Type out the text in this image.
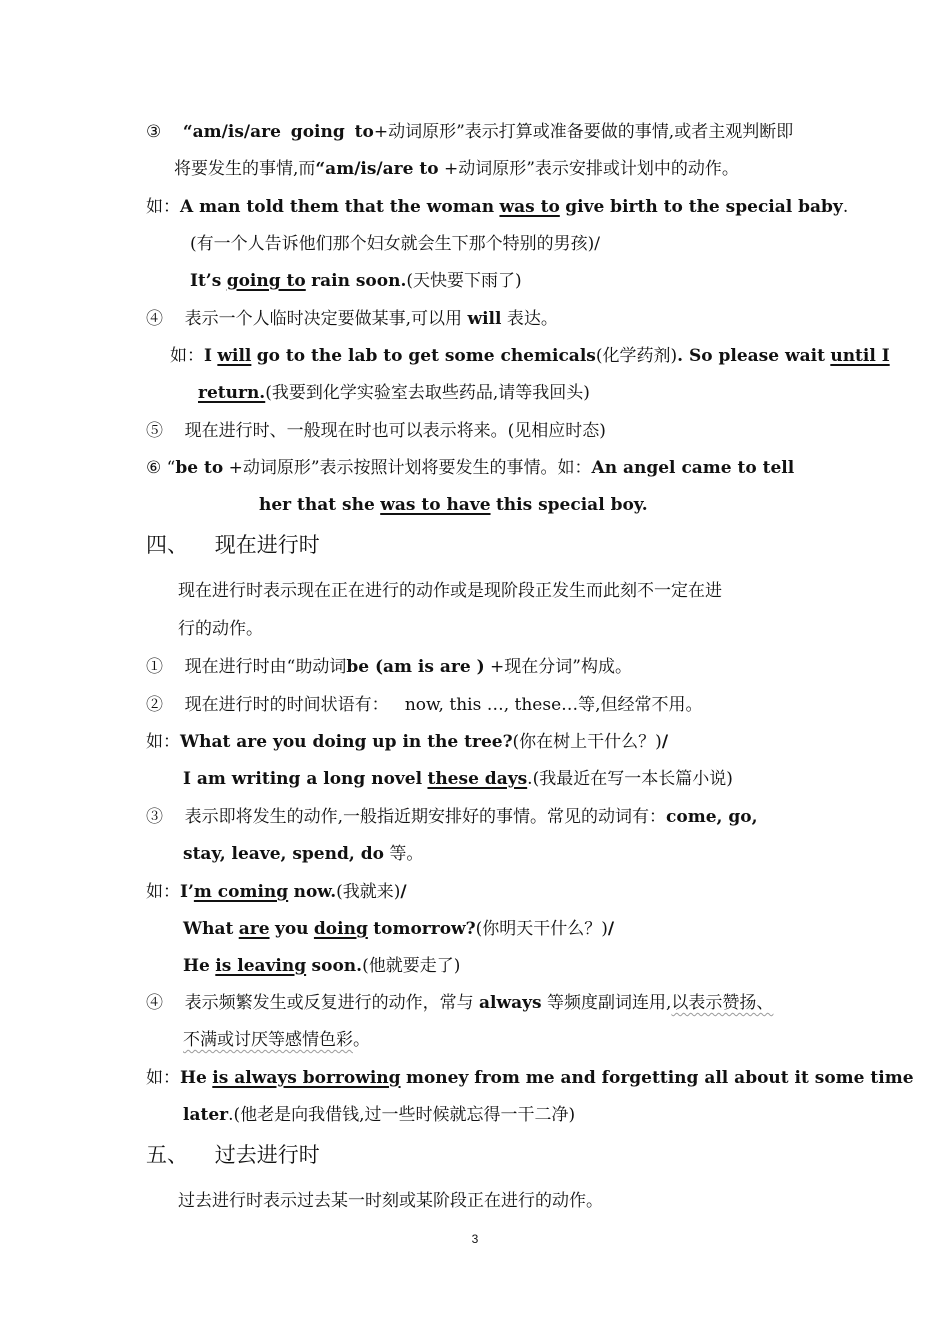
③ “am/is/are going to+动词原形”表示打算或准备要做的事情,或者主观判断即
将要发生的事情,而“am/is/are to +动词原形”表示安排或计划中的动作。
如：A man told them that the woman was to give birth to the special baby.
(有一个人告诉他们那个妇女就会生下那个特别的男孩)/
It’s going to rain soon.(天快要下雨了)
④ 表示一个人临时决定要做某事,可以用 will 表达。
如：I will go to the lab to get some chemicals(化学药剂). So please wait until I
return.(我要到化学实验室去取些药品,请等我回头)
⑤ 现在进行时、一般现在时也可以表示将来。(见相应时态)
⑥ “be to +动词原形”表示按照计划将要发生的事情。如：An angel came to tell
her that she was to have this special boy.
四、 现在进行时
现在进行时表示现在正在进行的动作或是现阶段正发生而此刻不一定在进
行的动作。
① 现在进行时由“助动词be (am is are ) +现在分词”构成。
② 现在进行时的时间状语有： now, this …, these…等,但经常不用。
如：What are you doing up in the tree?(你在树上干什么？)/
I am writing a long novel these days.(我最近在写一本长篇小说)
③ 表示即将发生的动作,一般指近期安排好的事情。常见的动词有：come, go,
stay, leave, spend, do 等。
如：I’m coming now.(我就来)/
What are you doing tomorrow?(你明天干什么？)/
He is leaving soon.(他就要走了)
④ 表示频繁发生或反复进行的动作，常与 always 等频度副词连用,以表示赞扬、
不满或讨厌等感情色彩。
如：He is always borrowing money from me and forgetting all about it some time
later.(他老是向我借钱,过一些时候就忘得一干二净)
五、 过去进行时
过去进行时表示过去某一时刻或某阶段正在进行的动作。
3
